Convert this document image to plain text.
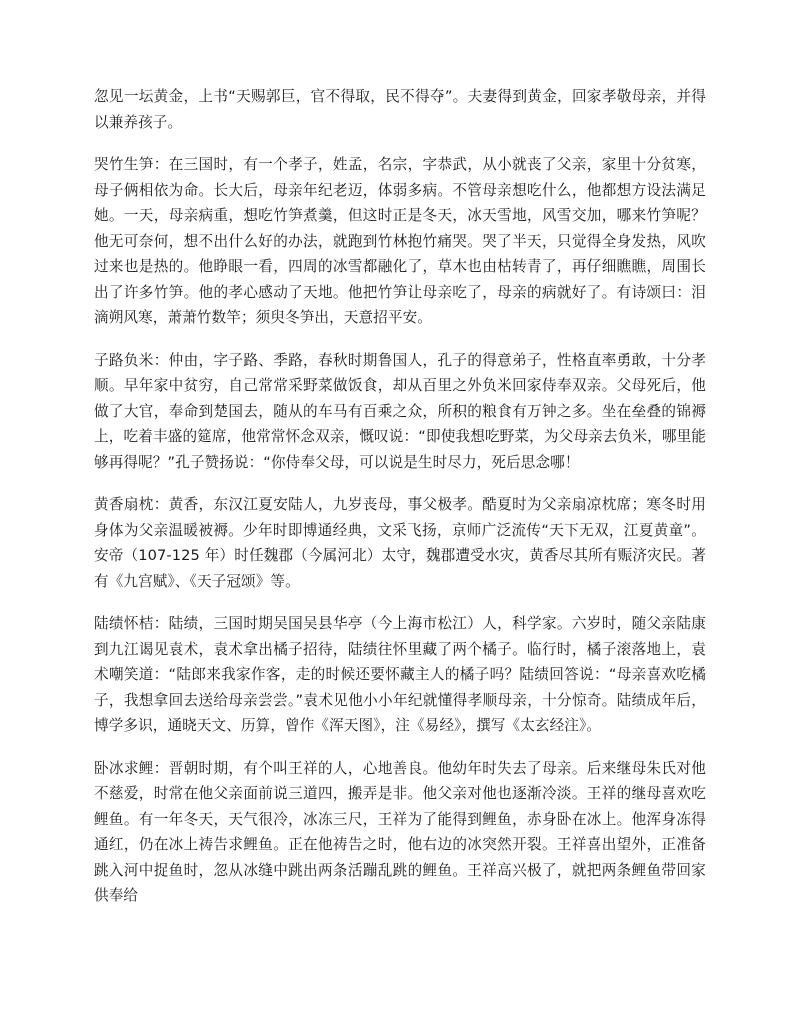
忽见一坛黄金，上书“天赐郭巨，官不得取，民不得夺”。夫妻得到黄金，回家孝敬母亲，并得以兼养孩子。

哭竹生笋：在三国时，有一个孝子，姓孟，名宗，字恭武，从小就丧了父亲，家里十分贫寒，母子俩相依为命。长大后，母亲年纪老迈，体弱多病。不管母亲想吃什么，他都想方设法满足她。一天，母亲病重，想吃竹笋煮羹，但这时正是冬天，冰天雪地，风雪交加，哪来竹笋呢？他无可奈何，想不出什么好的办法，就跑到竹林抱竹痛哭。哭了半天，只觉得全身发热，风吹过来也是热的。他睁眼一看，四周的冰雪都融化了，草木也由枯转青了，再仔细瞧瞧，周围长出了许多竹笋。他的孝心感动了天地。他把竹笋让母亲吃了，母亲的病就好了。有诗颂曰：泪滴朔风寒，萧萧竹数竿；须臾冬笋出，天意招平安。

子路负米：仲由，字子路、季路，春秋时期鲁国人，孔子的得意弟子，性格直率勇敢，十分孝顺。早年家中贫穷，自己常常采野菜做饭食，却从百里之外负米回家侍奉双亲。父母死后，他做了大官，奉命到楚国去，随从的车马有百乘之众，所积的粮食有万钟之多。坐在垒叠的锦褥上，吃着丰盛的筵席，他常常怀念双亲，慨叹说：“即使我想吃野菜，为父母亲去负米，哪里能够再得呢？”孔子赞扬说：“你侍奉父母，可以说是生时尽力，死后思念哪！

黄香扇枕：黄香，东汉江夏安陆人，九岁丧母，事父极孝。酷夏时为父亲扇凉枕席；寒冬时用身体为父亲温暖被褥。少年时即博通经典，文采飞扬，京师广泛流传“天下无双，江夏黄童”。安帝（107-125 年）时任魏郡（今属河北）太守，魏郡遭受水灾，黄香尽其所有赈济灾民。著有《九宫赋》、《天子冠颂》等。

陆绩怀桔：陆绩，三国时期吴国吴县华亭（今上海市松江）人，科学家。六岁时，随父亲陆康到九江谒见袁术，袁术拿出橘子招待，陆绩往怀里藏了两个橘子。临行时，橘子滚落地上，袁术嘲笑道：“陆郎来我家作客，走的时候还要怀藏主人的橘子吗？陆绩回答说：“母亲喜欢吃橘子，我想拿回去送给母亲尝尝。”袁术见他小小年纪就懂得孝顺母亲，十分惊奇。陆绩成年后，博学多识，通晓天文、历算，曾作《浑天图》，注《易经》，撰写《太玄经注》。

卧冰求鲤：晋朝时期，有个叫王祥的人，心地善良。他幼年时失去了母亲。后来继母朱氏对他不慈爱，时常在他父亲面前说三道四，搬弄是非。他父亲对他也逐渐冷淡。王祥的继母喜欢吃鲤鱼。有一年冬天，天气很冷，冰冻三尺，王祥为了能得到鲤鱼，赤身卧在冰上。他浑身冻得通红，仍在冰上祷告求鲤鱼。正在他祷告之时，他右边的冰突然开裂。王祥喜出望外，正准备跳入河中捉鱼时，忽从冰缝中跳出两条活蹦乱跳的鲤鱼。王祥高兴极了，就把两条鲤鱼带回家供奉给
